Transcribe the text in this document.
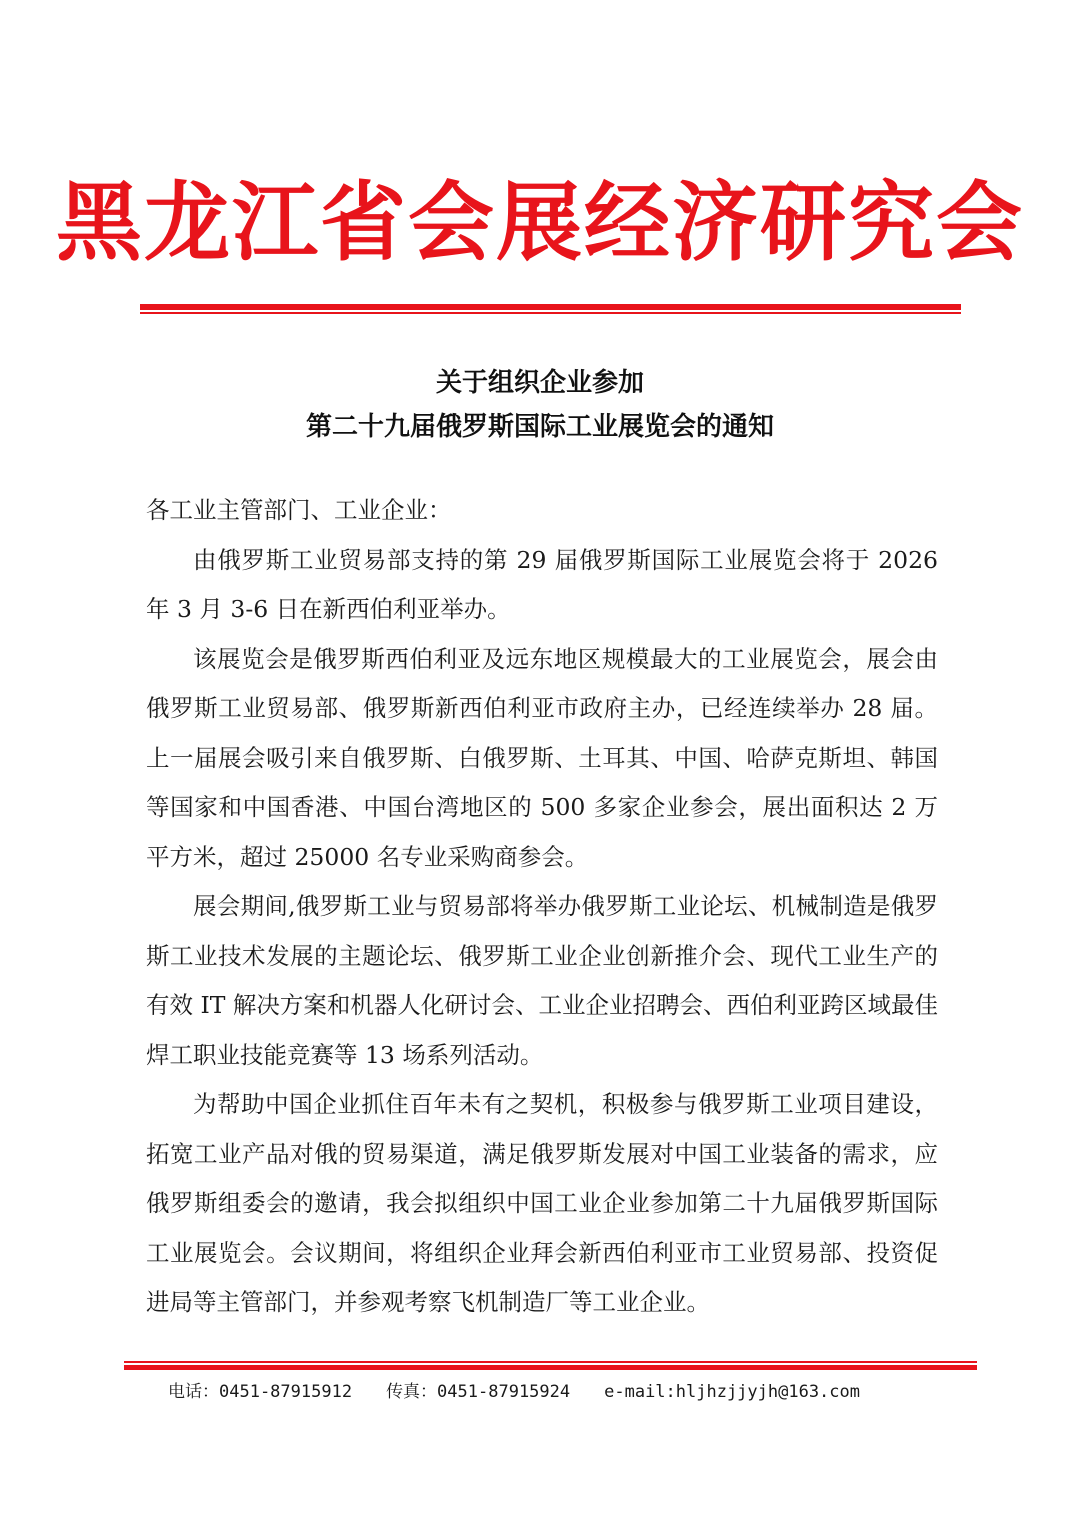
黑龙江省会展经济研究会
关于组织企业参加
第二十九届俄罗斯国际工业展览会的通知

各工业主管部门、工业企业：

由俄罗斯工业贸易部支持的第 29 届俄罗斯国际工业展览会将于 2026 年 3 月 3-6 日在新西伯利亚举办。

该展览会是俄罗斯西伯利亚及远东地区规模最大的工业展览会，展会由俄罗斯工业贸易部、俄罗斯新西伯利亚市政府主办，已经连续举办 28 届。上一届展会吸引来自俄罗斯、白俄罗斯、土耳其、中国、哈萨克斯坦、韩国等国家和中国香港、中国台湾地区的 500 多家企业参会，展出面积达 2 万平方米，超过 25000 名专业采购商参会。

展会期间,俄罗斯工业与贸易部将举办俄罗斯工业论坛、机械制造是俄罗斯工业技术发展的主题论坛、俄罗斯工业企业创新推介会、现代工业生产的有效 IT 解决方案和机器人化研讨会、工业企业招聘会、西伯利亚跨区域最佳焊工职业技能竞赛等 13 场系列活动。

为帮助中国企业抓住百年未有之契机，积极参与俄罗斯工业项目建设，拓宽工业产品对俄的贸易渠道，满足俄罗斯发展对中国工业装备的需求，应俄罗斯组委会的邀请，我会拟组织中国工业企业参加第二十九届俄罗斯国际工业展览会。会议期间，将组织企业拜会新西伯利亚市工业贸易部、投资促进局等主管部门，并参观考察飞机制造厂等工业企业。

电话：0451-87915912 传真：0451-87915924 e-mail:hljhzjjyjh@163.com
